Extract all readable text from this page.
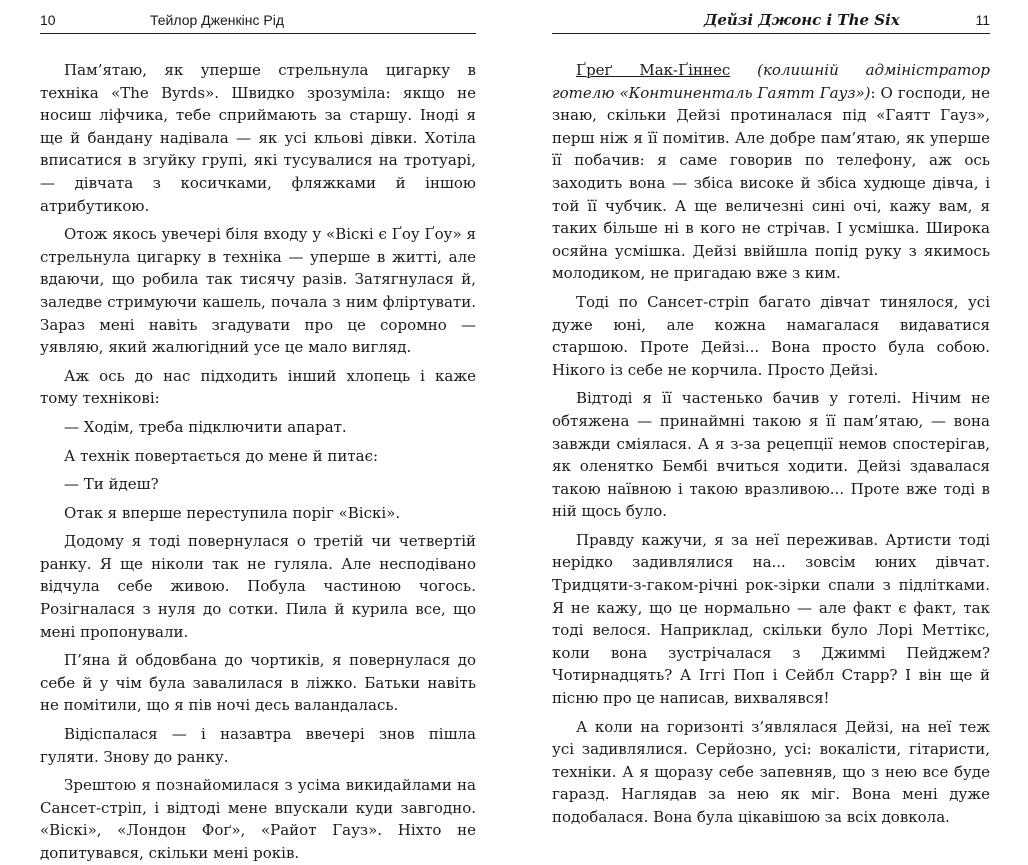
10	Тейлор Дженкінс Рід

Пам’ятаю, як уперше стрельнула цигарку в техніка «The Byrds». Швидко зрозуміла: якщо не носиш ліфчика, тебе сприймають за старшу. Іноді я ще й бандану надівала — як усі кльові дівки. Хотіла вписатися в згуйку групі, які тусувалися на тротуарі, — дівчата з косичками, фляжками й іншою атрибутикою.

Отож якось увечері біля входу у «Віскі є Ґоу Ґоу» я стрельнула цигарку в техніка — уперше в житті, але вдаючи, що робила так тисячу разів. Затягнулася й, заледве стримуючи кашель, почала з ним фліртувати. Зараз мені навіть згадувати про це соромно — уявляю, який жалюгідний усе це мало вигляд.

Аж ось до нас підходить інший хлопець і каже тому технікові:

— Ходім, треба підключити апарат.

А технік повертається до мене й питає:

— Ти йдеш?

Отак я вперше переступила поріг «Віскі».

Додому я тоді повернулася о третій чи четвертій ранку. Я ще ніколи так не гуляла. Але несподівано відчула себе живою. Побула частиною чогось. Розігналася з нуля до сотки. Пила й курила все, що мені пропонували.

П’яна й обдовбана до чортиків, я повернулася до себе й у чім була завалилася в ліжко. Батьки навіть не помітили, що я пів ночі десь валандалась.

Відіспалася — і назавтра ввечері знов пішла гуляти. Знову до ранку.

Зрештою я познайомилася з усіма викидайлами на Сансет-стріп, і відтоді мене впускали куди завгодно. «Віскі», «Лондон Фоґ», «Райот Гауз». Ніхто не допитувався, скільки мені років.

Дейзі Джонс і The Six	11

Ґреґ Мак-Ґіннес (колишній адміністратор готелю «Континенталь Гаятт Гауз»): О господи, не знаю, скільки Дейзі протиналася під «Гаятт Гауз», перш ніж я її помітив. Але добре пам’ятаю, як уперше її побачив: я саме говорив по телефону, аж ось заходить вона — збіса високе й збіса худюще дівча, і той її чубчик. А ще величезні сині очі, кажу вам, я таких більше ні в кого не стрічав. І усмішка. Широка осяйна усмішка. Дейзі ввійшла попід руку з якимось молодиком, не пригадаю вже з ким.

Тоді по Сансет-стріп багато дівчат тинялося, усі дуже юні, але кожна намагалася видаватися старшою. Проте Дейзі... Вона просто була собою. Нікого із себе не корчила. Просто Дейзі.

Відтоді я її частенько бачив у готелі. Нічим не обтяжена — принаймні такою я її пам’ятаю, — вона завжди сміялася. А я з-за рецепції немов спостерігав, як оленятко Бембі вчиться ходити. Дейзі здавалася такою наївною і такою вразливою... Проте вже тоді в ній щось було.

Правду кажучи, я за неї переживав. Артисти тоді нерідко задивлялися на... зовсім юних дівчат. Тридцяти-з-гаком-річні рок-зірки спали з підлітками. Я не кажу, що це нормально — але факт є факт, так тоді велося. Наприклад, скільки було Лорі Меттікс, коли вона зустрічалася з Джиммі Пейджем? Чотирнадцять? А Іггі Поп і Сейбл Старр? І він ще й пісню про це написав, вихвалявся!

А коли на горизонті з’являлася Дейзі, на неї теж усі задивлялися. Серйозно, усі: вокалісти, гітаристи, техніки. А я щоразу себе запевняв, що з нею все буде гаразд. Наглядав за нею як міг. Вона мені дуже подобалася. Вона була цікавішою за всіх довкола.
